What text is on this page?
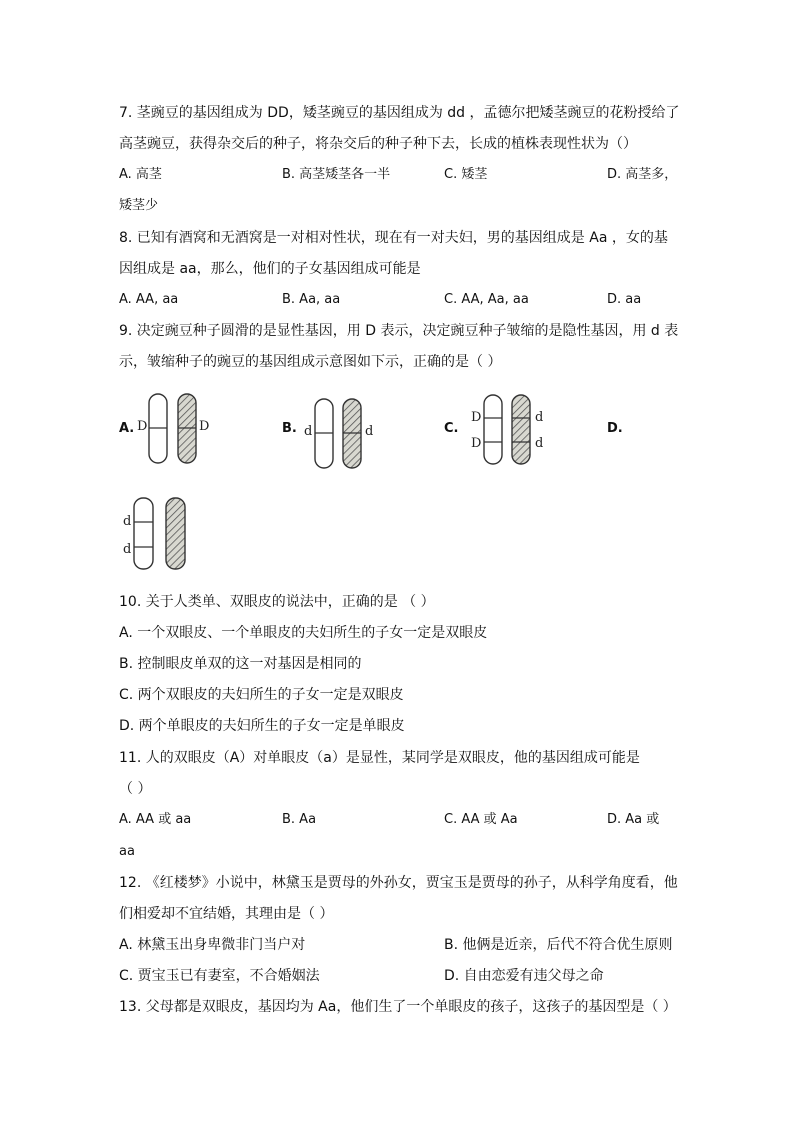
7. 茎豌豆的基因组成为 DD，矮茎豌豆的基因组成为 dd ，孟德尔把矮茎豌豆的花粉授给了
高茎豌豆，获得杂交后的种子，将杂交后的种子种下去，长成的植株表现性状为（）
A. 高茎	B. 高茎矮茎各一半	C. 矮茎	D. 高茎多，
矮茎少
8. 已知有酒窝和无酒窝是一对相对性状，现在有一对夫妇，男的基因组成是 Aa ，女的基
因组成是 aa，那么，他们的子女基因组成可能是
A. AA, aa	B. Aa, aa	C. AA, Aa, aa	D. aa
9. 决定豌豆种子圆滑的是显性基因，用 D 表示，决定豌豆种子皱缩的是隐性基因，用 d 表
示，皱缩种子的豌豆的基因组成示意图如下示，正确的是（ ）
A. D	D	B. d	d	C.
D
D
d
d
D.
d
d
10. 关于人类单、双眼皮的说法中，正确的是 （ ）
A. 一个双眼皮、一个单眼皮的夫妇所生的子女一定是双眼皮
B. 控制眼皮单双的这一对基因是相同的
C. 两个双眼皮的夫妇所生的子女一定是双眼皮
D. 两个单眼皮的夫妇所生的子女一定是单眼皮
11. 人的双眼皮（A）对单眼皮（a）是显性，某同学是双眼皮，他的基因组成可能是
（ ）
A. AA 或 aa	B. Aa	C. AA 或 Aa	D. Aa 或
aa
12. 《红楼梦》小说中，林黛玉是贾母的外孙女，贾宝玉是贾母的孙子，从科学角度看，他
们相爱却不宜结婚，其理由是（ ）
A. 林黛玉出身卑微非门当户对	B. 他俩是近亲，后代不符合优生原则
C. 贾宝玉已有妻室，不合婚姻法	D. 自由恋爱有违父母之命
13. 父母都是双眼皮，基因均为 Aa，他们生了一个单眼皮的孩子，这孩子的基因型是（ ）
